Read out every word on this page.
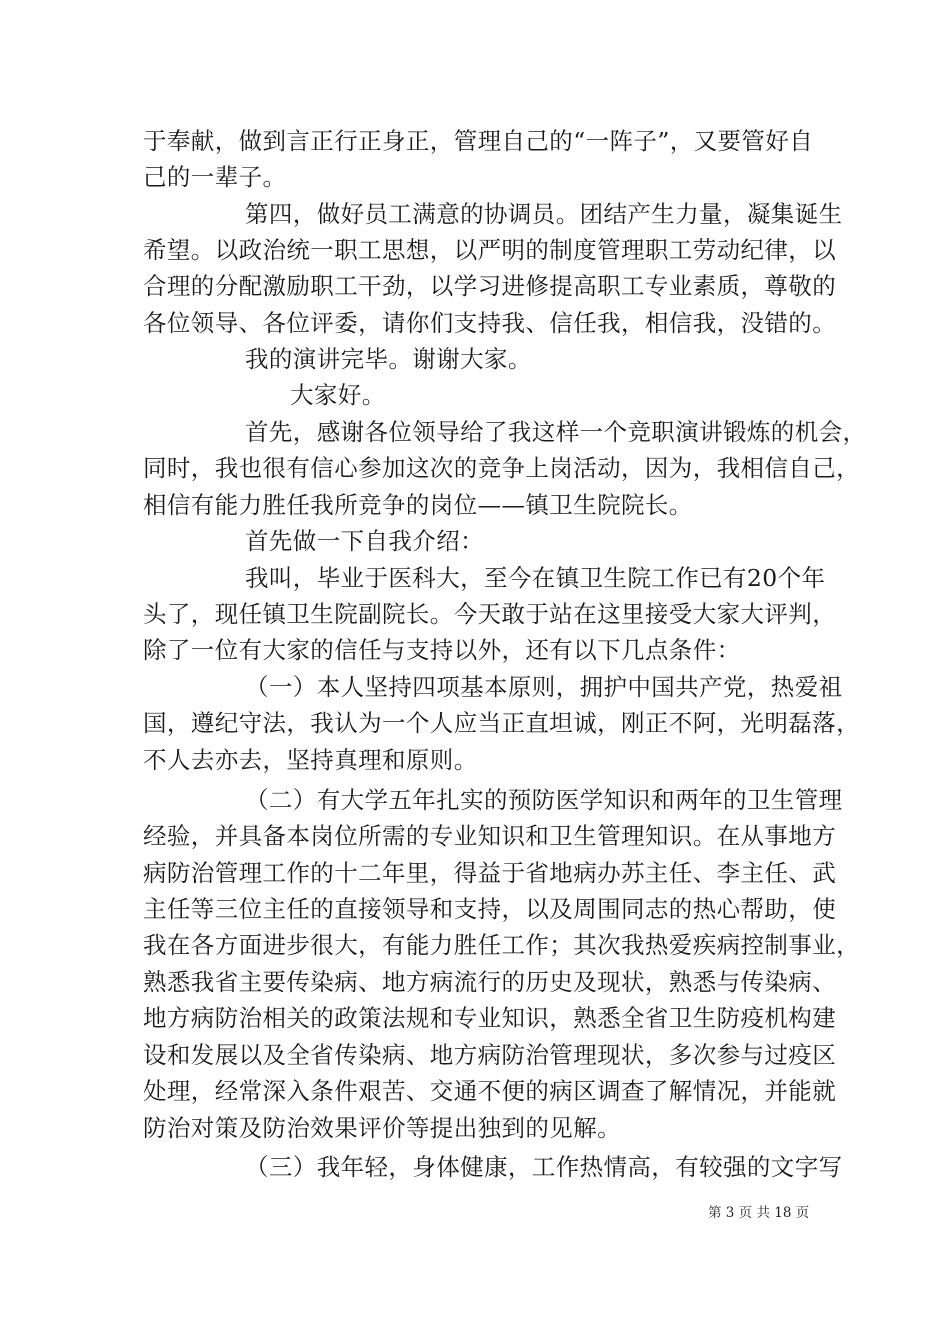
于奉献，做到言正行正身正，管理自己的“一阵子”，又要管好自
己的一辈子。
第四，做好员工满意的协调员。团结产生力量，凝集诞生
希望。以政治统一职工思想，以严明的制度管理职工劳动纪律，以
合理的分配激励职工干劲，以学习进修提高职工专业素质，尊敬的
各位领导、各位评委，请你们支持我、信任我，相信我，没错的。
我的演讲完毕。谢谢大家。
大家好。
首先，感谢各位领导给了我这样一个竞职演讲锻炼的机会，
同时，我也很有信心参加这次的竞争上岗活动，因为，我相信自己，
相信有能力胜任我所竞争的岗位——镇卫生院院长。
首先做一下自我介绍：
我叫，毕业于医科大，至今在镇卫生院工作已有20个年
头了，现任镇卫生院副院长。今天敢于站在这里接受大家大评判，
除了一位有大家的信任与支持以外，还有以下几点条件：
（一）本人坚持四项基本原则，拥护中国共产党，热爱祖
国，遵纪守法，我认为一个人应当正直坦诚，刚正不阿，光明磊落，
不人去亦去，坚持真理和原则。
（二）有大学五年扎实的预防医学知识和两年的卫生管理
经验，并具备本岗位所需的专业知识和卫生管理知识。在从事地方
病防治管理工作的十二年里，得益于省地病办苏主任、李主任、武
主任等三位主任的直接领导和支持，以及周围同志的热心帮助，使
我在各方面进步很大，有能力胜任工作；其次我热爱疾病控制事业，
熟悉我省主要传染病、地方病流行的历史及现状，熟悉与传染病、
地方病防治相关的政策法规和专业知识，熟悉全省卫生防疫机构建
设和发展以及全省传染病、地方病防治管理现状，多次参与过疫区
处理，经常深入条件艰苦、交通不便的病区调查了解情况，并能就
防治对策及防治效果评价等提出独到的见解。
（三）我年轻，身体健康，工作热情高，有较强的文字写
第 3 页 共 18 页
